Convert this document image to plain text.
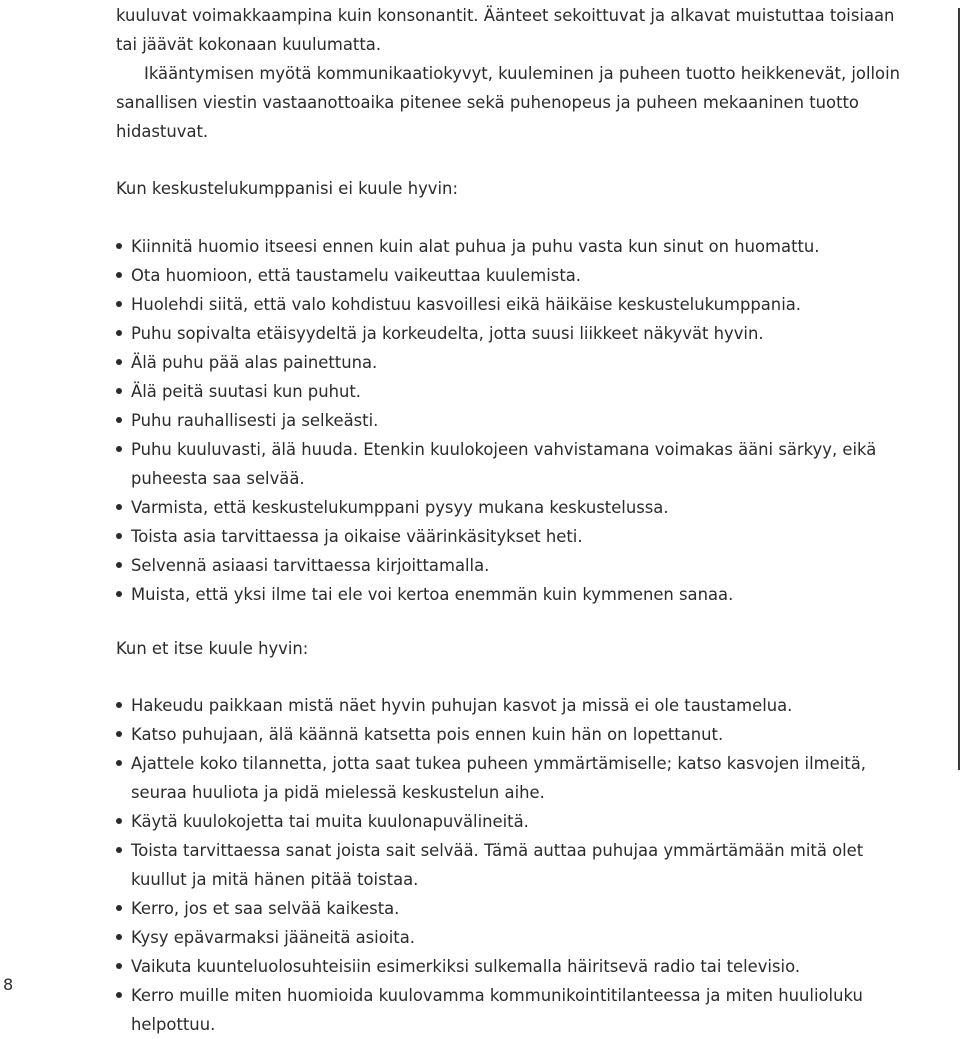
kuuluvat voimakkaampina kuin konsonantit. Äänteet sekoittuvat ja alkavat muistuttaa toisiaan tai jäävät kokonaan kuulumatta.

Ikääntymisen myötä kommunikaatiokyvyt, kuuleminen ja puheen tuotto heikkenevät, jolloin sanallisen viestin vastaanottoaika pitenee sekä puhenopeus ja puheen mekaaninen tuotto hidastuvat.

Kun keskustelukumppanisi ei kuule hyvin:

Kiinnitä huomio itseesi ennen kuin alat puhua ja puhu vasta kun sinut on huomattu.
Ota huomioon, että taustamelu vaikeuttaa kuulemista.
Huolehdi siitä, että valo kohdistuu kasvoillesi eikä häikäise keskustelukumppania.
Puhu sopivalta etäisyydeltä ja korkeudelta, jotta suusi liikkeet näkyvät hyvin.
Älä puhu pää alas painettuna.
Älä peitä suutasi kun puhut.
Puhu rauhallisesti ja selkeästi.
Puhu kuuluvasti, älä huuda. Etenkin kuulokojeen vahvistamana voimakas ääni särkyy, eikä puheesta saa selvää.
Varmista, että keskustelukumppani pysyy mukana keskustelussa.
Toista asia tarvittaessa ja oikaise väärinkäsitykset heti.
Selvennä asiaasi tarvittaessa kirjoittamalla.
Muista, että yksi ilme tai ele voi kertoa enemmän kuin kymmenen sanaa.

Kun et itse kuule hyvin:

Hakeudu paikkaan mistä näet hyvin puhujan kasvot ja missä ei ole taustamelua.
Katso puhujaan, älä käännä katsetta pois ennen kuin hän on lopettanut.
Ajattele koko tilannetta, jotta saat tukea puheen ymmärtämiselle; katso kasvojen ilmeitä, seuraa huuliota ja pidä mielessä keskustelun aihe.
Käytä kuulokojetta tai muita kuulonapuvälineitä.
Toista tarvittaessa sanat joista sait selvää. Tämä auttaa puhujaa ymmärtämään mitä olet kuullut ja mitä hänen pitää toistaa.
Kerro, jos et saa selvää kaikesta.
Kysy epävarmaksi jääneitä asioita.
Vaikuta kuunteluolosuhteisiin esimerkiksi sulkemalla häiritsevä radio tai televisio.
Kerro muille miten huomioida kuulovamma kommunikointitilanteessa ja miten huulioluku helpottuu.
8
